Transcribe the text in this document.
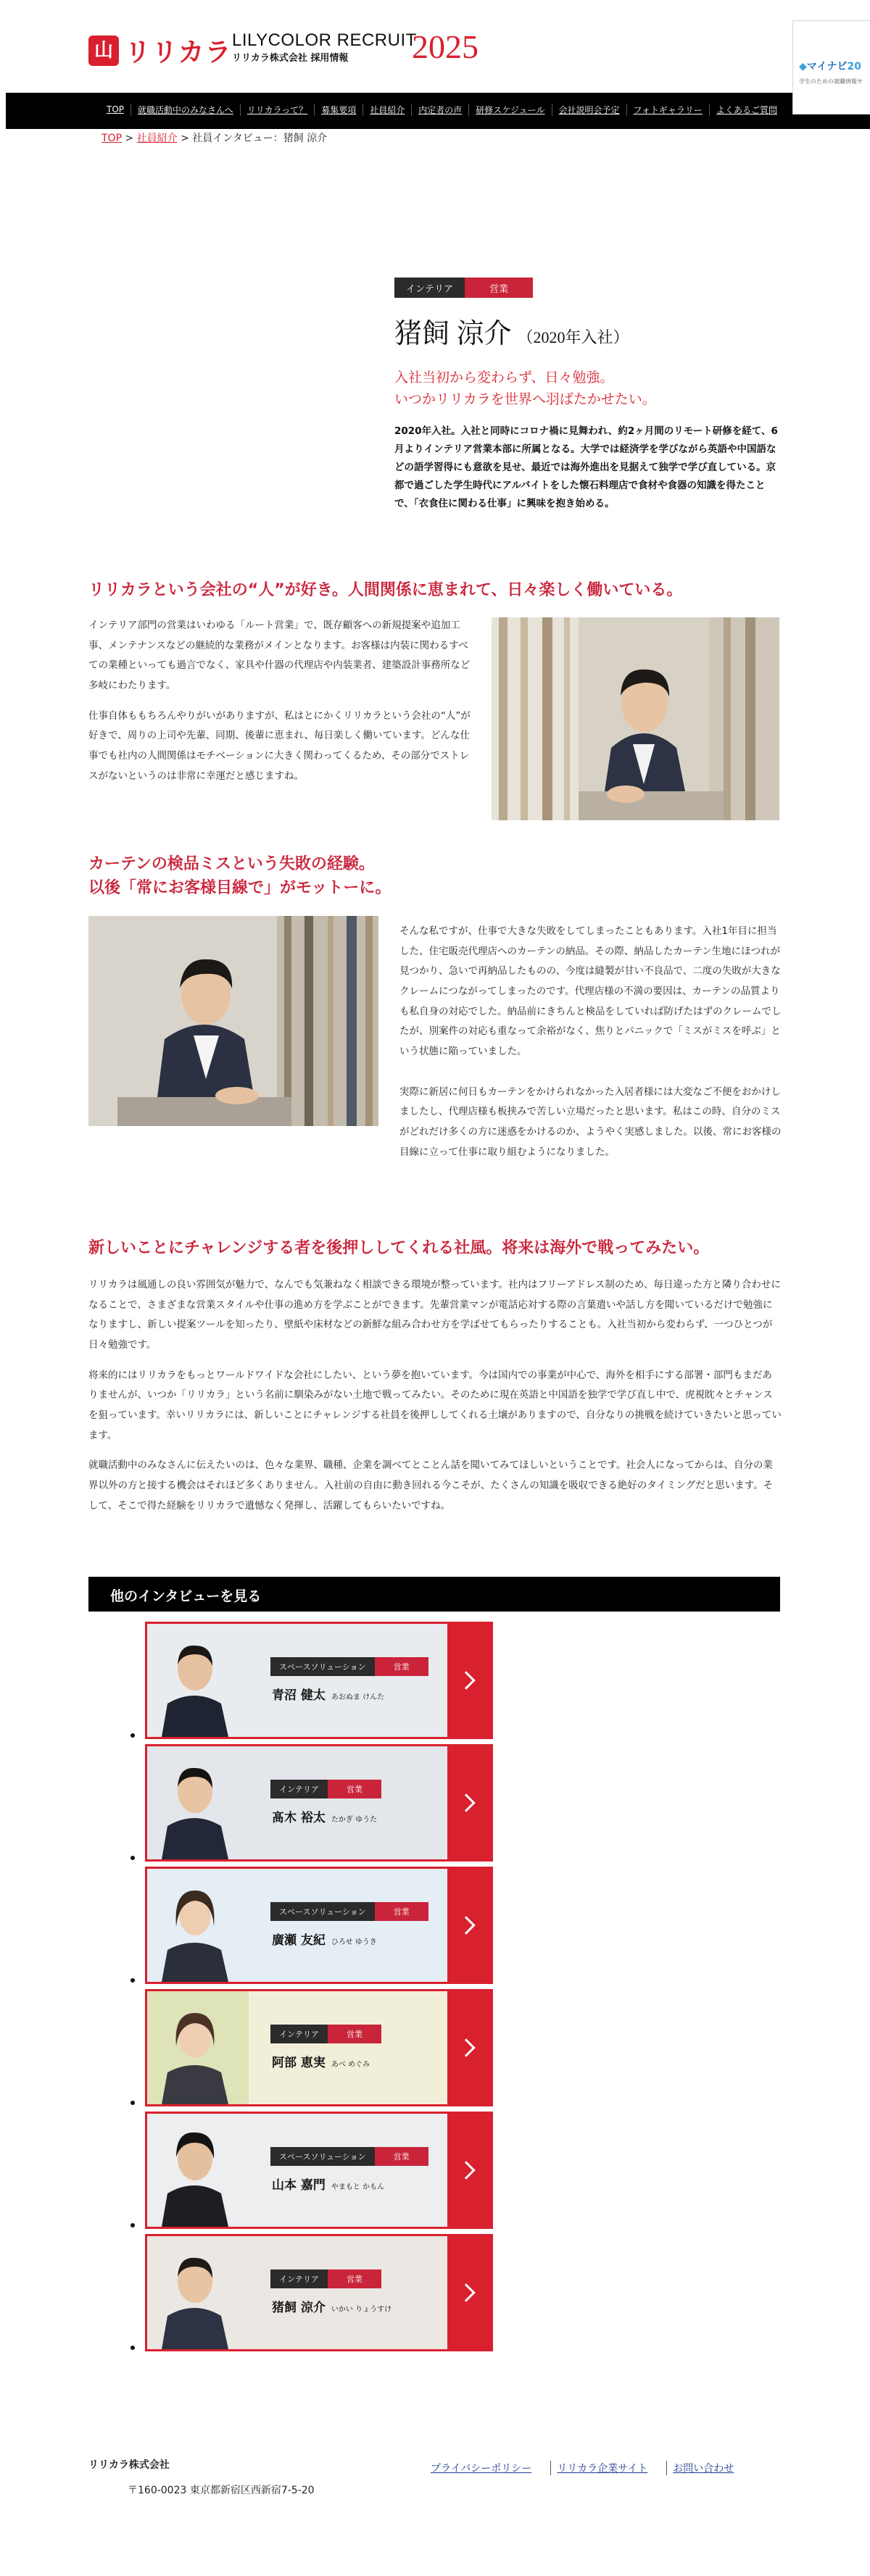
山 リリカラ LILYCOLOR RECRUIT
リリカラ株式会社 採用情報	2025
◆マイナビ20
学生のための就職情報サ
TOP	就職活動中のみなさんへ	リリカラって？	募集要項	社員紹介	内定者の声	研修スケジュール	会社説明会予定	フォトギャラリー	よくあるご質問
TOP > 社員紹介 > 社員インタビュー：猪飼 涼介
インテリア	営業
猪飼 涼介 （2020年入社）
入社当初から変わらず、日々勉強。
いつかリリカラを世界へ羽ばたかせたい。

2020年入社。入社と同時にコロナ禍に見舞われ、約2ヶ月間のリモート研修を経て、6月よりインテリア営業本部に所属となる。大学では経済学を学びながら英語や中国語などの語学習得にも意欲を見せ、最近では海外進出を見据えて独学で学び直している。京都で過ごした学生時代にアルバイトをした懐石料理店で食材や食器の知識を得たことで、「衣食住に関わる仕事」に興味を抱き始める。

リリカラという会社の“人”が好き。人間関係に恵まれて、日々楽しく働いている。

インテリア部門の営業はいわゆる「ルート営業」で、既存顧客への新規提案や追加工事、メンテナンスなどの継続的な業務がメインとなります。お客様は内装に関わるすべての業種といっても過言でなく、家具や什器の代理店や内装業者、建築設計事務所など多岐にわたります。

仕事自体ももちろんやりがいがありますが、私はとにかくリリカラという会社の“人”が好きで、周りの上司や先輩、同期、後輩に恵まれ、毎日楽しく働いています。どんな仕事でも社内の人間関係はモチベーションに大きく関わってくるため、その部分でストレスがないというのは非常に幸運だと感じますね。

カーテンの検品ミスという失敗の経験。
以後「常にお客様目線で」がモットーに。

そんな私ですが、仕事で大きな失敗をしてしまったこともあります。入社1年目に担当した、住宅販売代理店へのカーテンの納品。その際、納品したカーテン生地にほつれが見つかり、急いで再納品したものの、今度は縫製が甘い不良品で、二度の失敗が大きなクレームにつながってしまったのです。代理店様の不満の要因は、カーテンの品質よりも私自身の対応でした。納品前にきちんと検品をしていれば防げたはずのクレームでしたが、別案件の対応も重なって余裕がなく、焦りとパニックで「ミスがミスを呼ぶ」という状態に陥っていました。

実際に新居に何日もカーテンをかけられなかった入居者様には大変なご不便をおかけしましたし、代理店様も板挟みで苦しい立場だったと思います。私はこの時、自分のミスがどれだけ多くの方に迷惑をかけるのか、ようやく実感しました。以後、常にお客様の目線に立って仕事に取り組むようになりました。

新しいことにチャレンジする者を後押ししてくれる社風。将来は海外で戦ってみたい。

リリカラは風通しの良い雰囲気が魅力で、なんでも気兼ねなく相談できる環境が整っています。社内はフリーアドレス制のため、毎日違った方と隣り合わせになることで、さまざまな営業スタイルや仕事の進め方を学ぶことができます。先輩営業マンが電話応対する際の言葉遣いや話し方を聞いているだけで勉強になりますし、新しい提案ツールを知ったり、壁紙や床材などの新鮮な組み合わせ方を学ばせてもらったりすることも。入社当初から変わらず、一つひとつが日々勉強です。

将来的にはリリカラをもっとワールドワイドな会社にしたい、という夢を抱いています。今は国内での事業が中心で、海外を相手にする部署・部門もまだありませんが、いつか「リリカラ」という名前に馴染みがない土地で戦ってみたい。そのために現在英語と中国語を独学で学び直し中で、虎視眈々とチャンスを狙っています。幸いリリカラには、新しいことにチャレンジする社員を後押ししてくれる土壌がありますので、自分なりの挑戦を続けていきたいと思っています。

就職活動中のみなさんに伝えたいのは、色々な業界、職種、企業を調べてとことん話を聞いてみてほしいということです。社会人になってからは、自分の業界以外の方と接する機会はそれほど多くありません。入社前の自由に動き回れる今こそが、たくさんの知識を吸収できる絶好のタイミングだと思います。そして、そこで得た経験をリリカラで遺憾なく発揮し、活躍してもらいたいですね。

他のインタビューを見る
スペースソリューション	営業
青沼 健太 あおぬま けんた
インテリア	営業
髙木 裕太 たかぎ ゆうた
スペースソリューション	営業
廣瀬 友紀 ひろせ ゆうき
インテリア	営業
阿部 恵実 あべ めぐみ
スペースソリューション	営業
山本 嘉門 やまもと かもん
インテリア	営業
猪飼 涼介 いかい りょうすけ
リリカラ株式会社
〒160-0023 東京都新宿区西新宿7-5-20
プライバシーポリシー	リリカラ企業サイト	お問い合わせ
